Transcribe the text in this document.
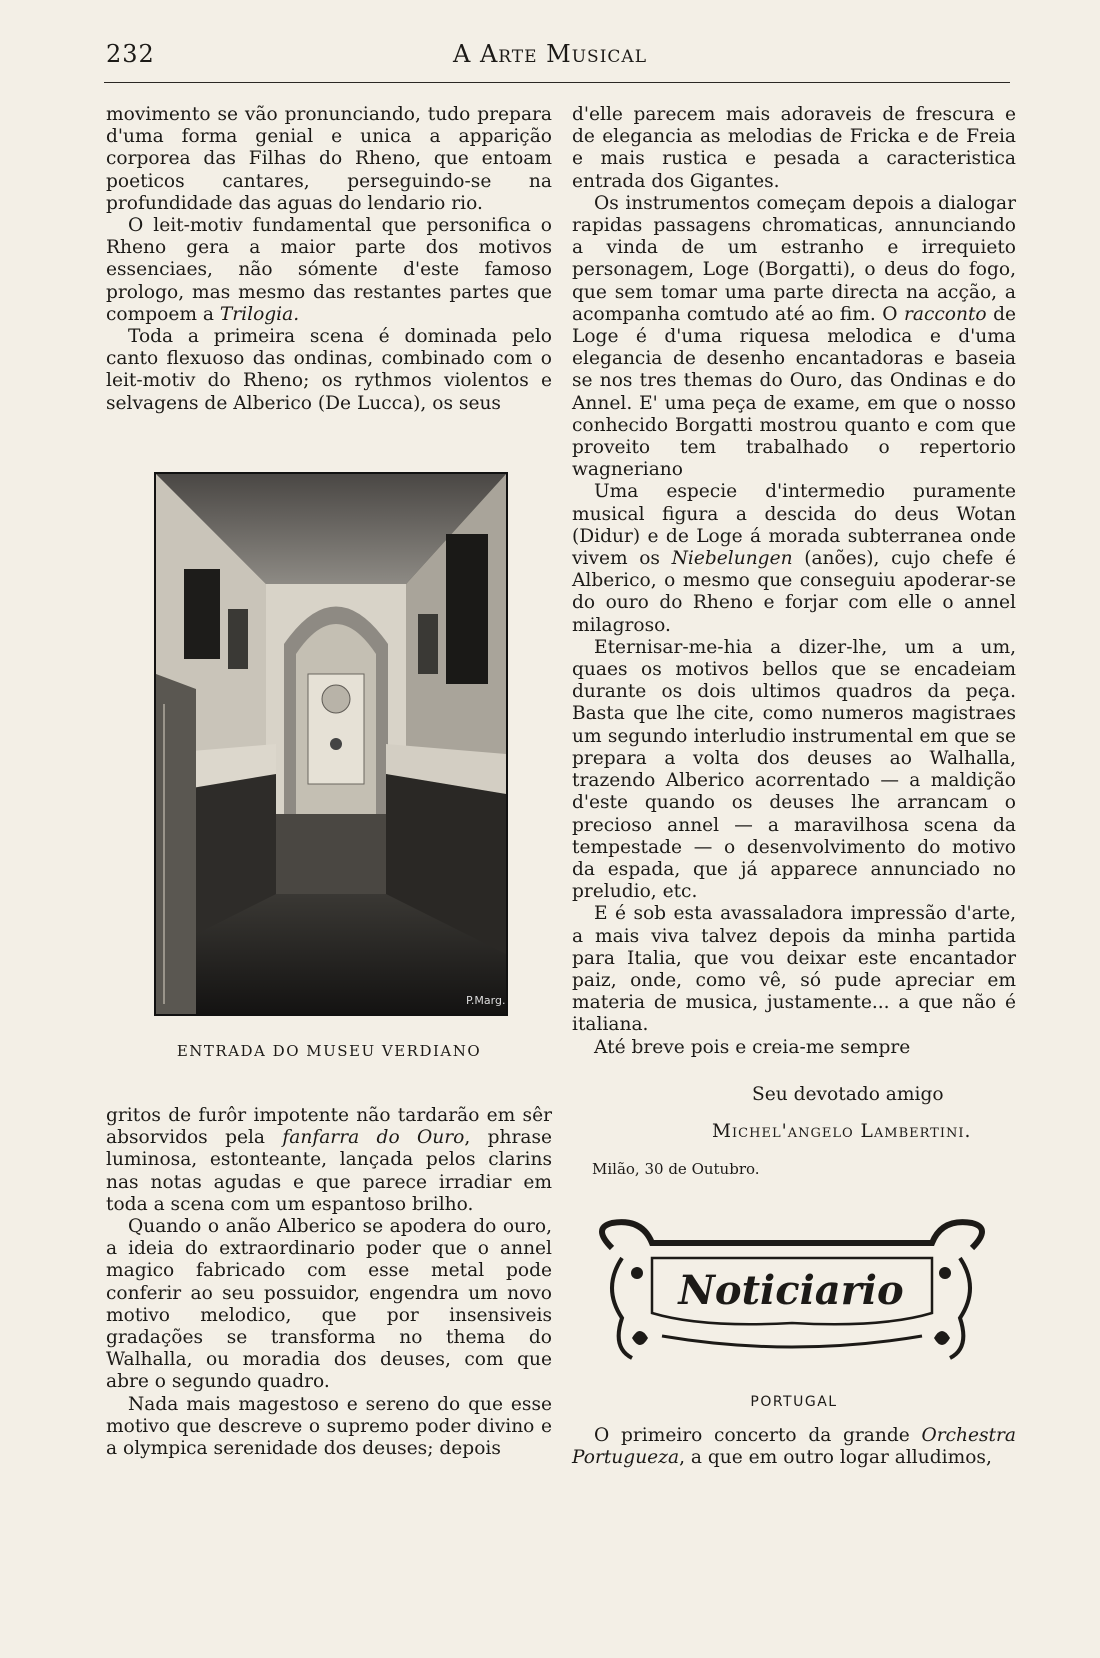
232	A Arte Musical

movimento se vão pronunciando, tudo prepara d'uma forma genial e unica a apparição corporea das Filhas do Rheno, que entoam poeticos cantares, perseguindo-se na profundidade das aguas do lendario rio.

O leit-motiv fundamental que personifica o Rheno gera a maior parte dos motivos essenciaes, não sómente d'este famoso prologo, mas mesmo das restantes partes que compoem a Trilogia.

Toda a primeira scena é dominada pelo canto flexuoso das ondinas, combinado com o leit-motiv do Rheno; os rythmos violentos e selvagens de Alberico (De Lucca), os seus

P.Marg.
ENTRADA DO MUSEU VERDIANO

gritos de furôr impotente não tardarão em sêr absorvidos pela fanfarra do Ouro, phrase luminosa, estonteante, lançada pelos clarins nas notas agudas e que parece irradiar em toda a scena com um espantoso brilho.

Quando o anão Alberico se apodera do ouro, a ideia do extraordinario poder que o annel magico fabricado com esse metal pode conferir ao seu possuidor, engendra um novo motivo melodico, que por insensiveis gradações se transforma no thema do Walhalla, ou moradia dos deuses, com que abre o segundo quadro.

Nada mais magestoso e sereno do que esse motivo que descreve o supremo poder divino e a olympica serenidade dos deuses; depois

d'elle parecem mais adoraveis de frescura e de elegancia as melodias de Fricka e de Freia e mais rustica e pesada a caracteristica entrada dos Gigantes.

Os instrumentos começam depois a dialogar rapidas passagens chromaticas, annunciando a vinda de um estranho e irrequieto personagem, Loge (Borgatti), o deus do fogo, que sem tomar uma parte directa na acção, a acompanha comtudo até ao fim. O racconto de Loge é d'uma riquesa melodica e d'uma elegancia de desenho encantadoras e baseia se nos tres themas do Ouro, das Ondinas e do Annel. E' uma peça de exame, em que o nosso conhecido Borgatti mostrou quanto e com que proveito tem trabalhado o repertorio wagneriano

Uma especie d'intermedio puramente musical figura a descida do deus Wotan (Didur) e de Loge á morada subterranea onde vivem os Niebelungen (anões), cujo chefe é Alberico, o mesmo que conseguiu apoderar-se do ouro do Rheno e forjar com elle o annel milagroso.

Eternisar-me-hia a dizer-lhe, um a um, quaes os motivos bellos que se encadeiam durante os dois ultimos quadros da peça. Basta que lhe cite, como numeros magistraes um segundo interludio instrumental em que se prepara a volta dos deuses ao Walhalla, trazendo Alberico acorrentado — a maldição d'este quando os deuses lhe arrancam o precioso annel — a maravilhosa scena da tempestade — o desenvolvimento do motivo da espada, que já apparece annunciado no preludio, etc.

E é sob esta avassaladora impressão d'arte, a mais viva talvez depois da minha partida para Italia, que vou deixar este encantador paiz, onde, como vê, só pude apreciar em materia de musica, justamente... a que não é italiana.

Até breve pois e creia-me sempre

Seu devotado amigo
Michel'angelo Lambertini.
Milão, 30 de Outubro.
Noticiario
PORTUGAL

O primeiro concerto da grande Orchestra Portugueza, a que em outro logar alludimos,
